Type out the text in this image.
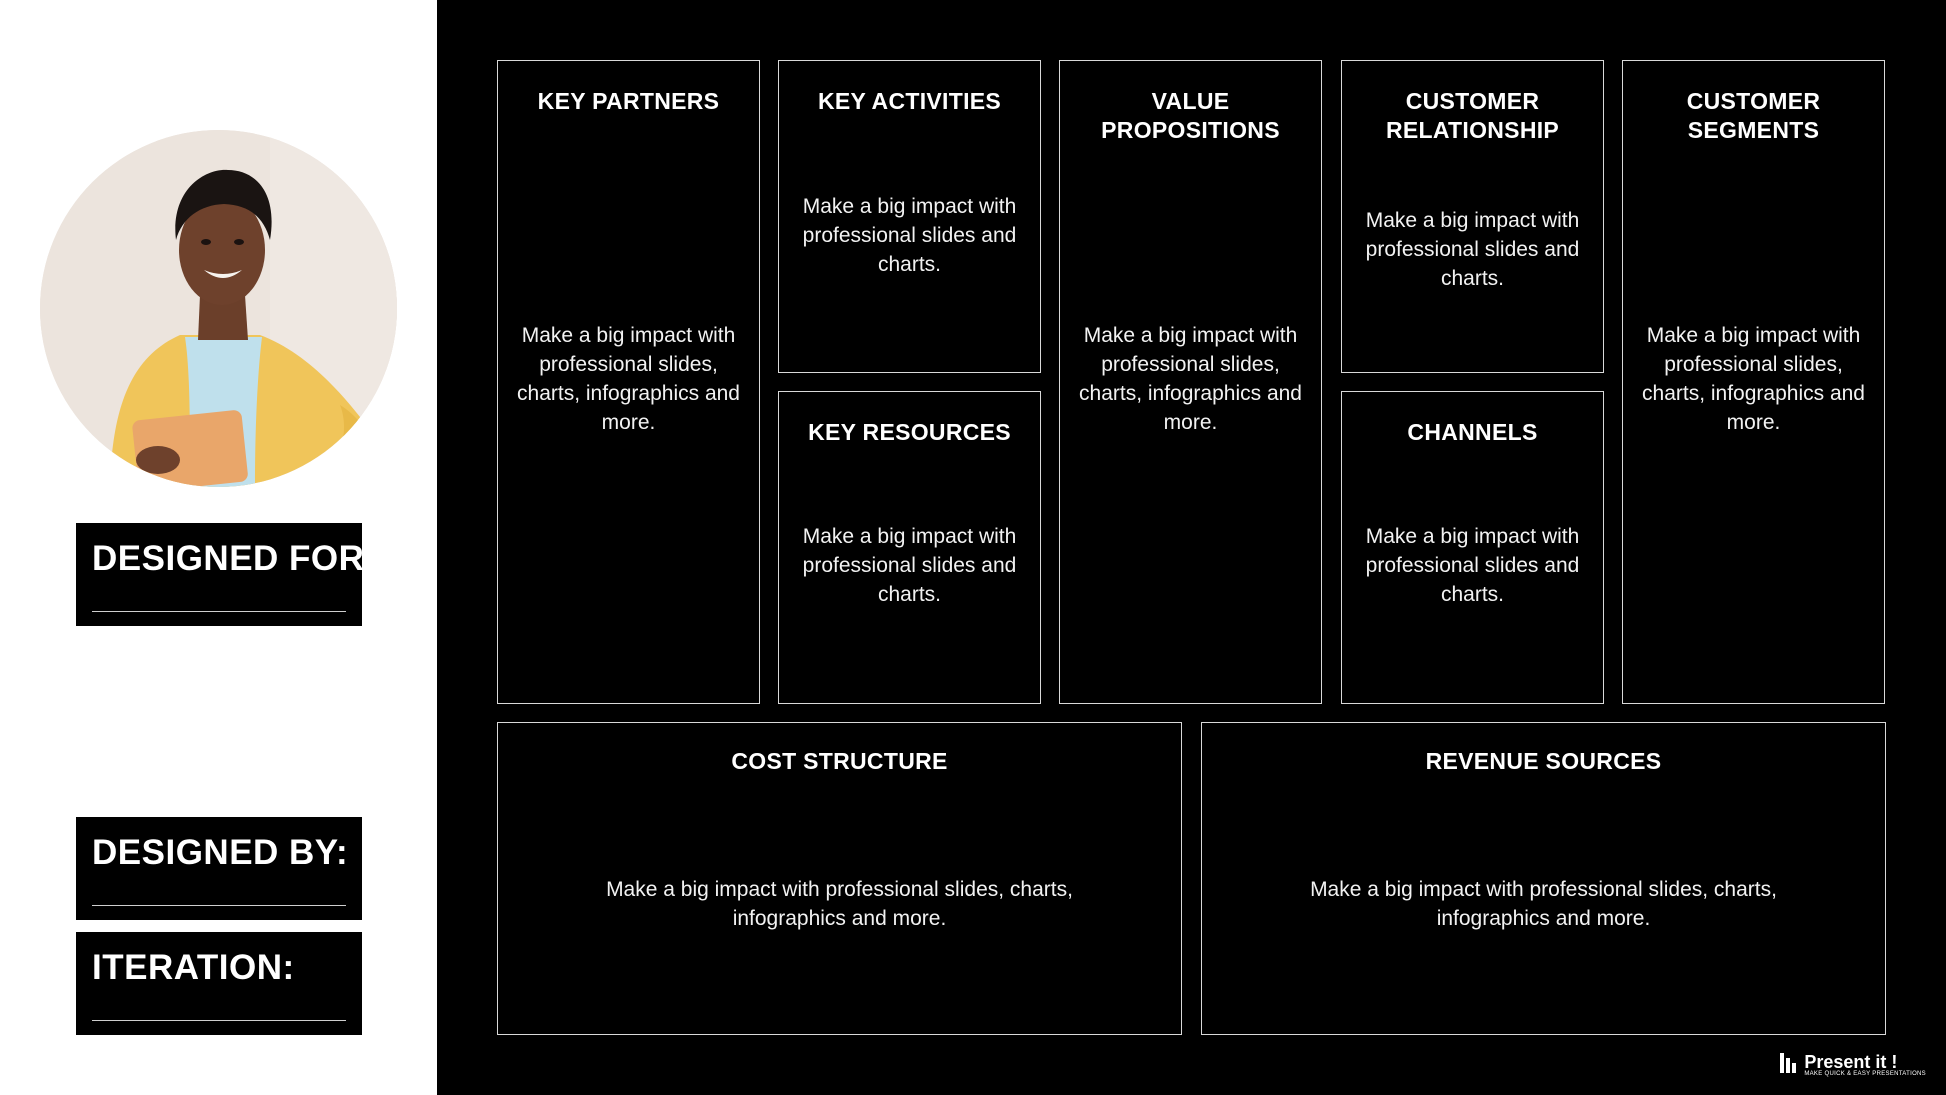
DESIGNED FOR:
DESIGNED BY:
ITERATION:
KEY PARTNERS
Make a big impact with professional slides, charts, infographics and more.
KEY ACTIVITIES
Make a big impact with professional slides and charts.
KEY RESOURCES
Make a big impact with professional slides and charts.
VALUE PROPOSITIONS
Make a big impact with professional slides, charts, infographics and more.
CUSTOMER RELATIONSHIP
Make a big impact with professional slides and charts.
CHANNELS
Make a big impact with professional slides and charts.
CUSTOMER SEGMENTS
Make a big impact with professional slides, charts, infographics and more.
COST STRUCTURE
Make a big impact with professional slides, charts, infographics and more.
REVENUE SOURCES
Make a big impact with professional slides, charts, infographics and more.
Present it !
MAKE QUICK & EASY PRESENTATIONS
